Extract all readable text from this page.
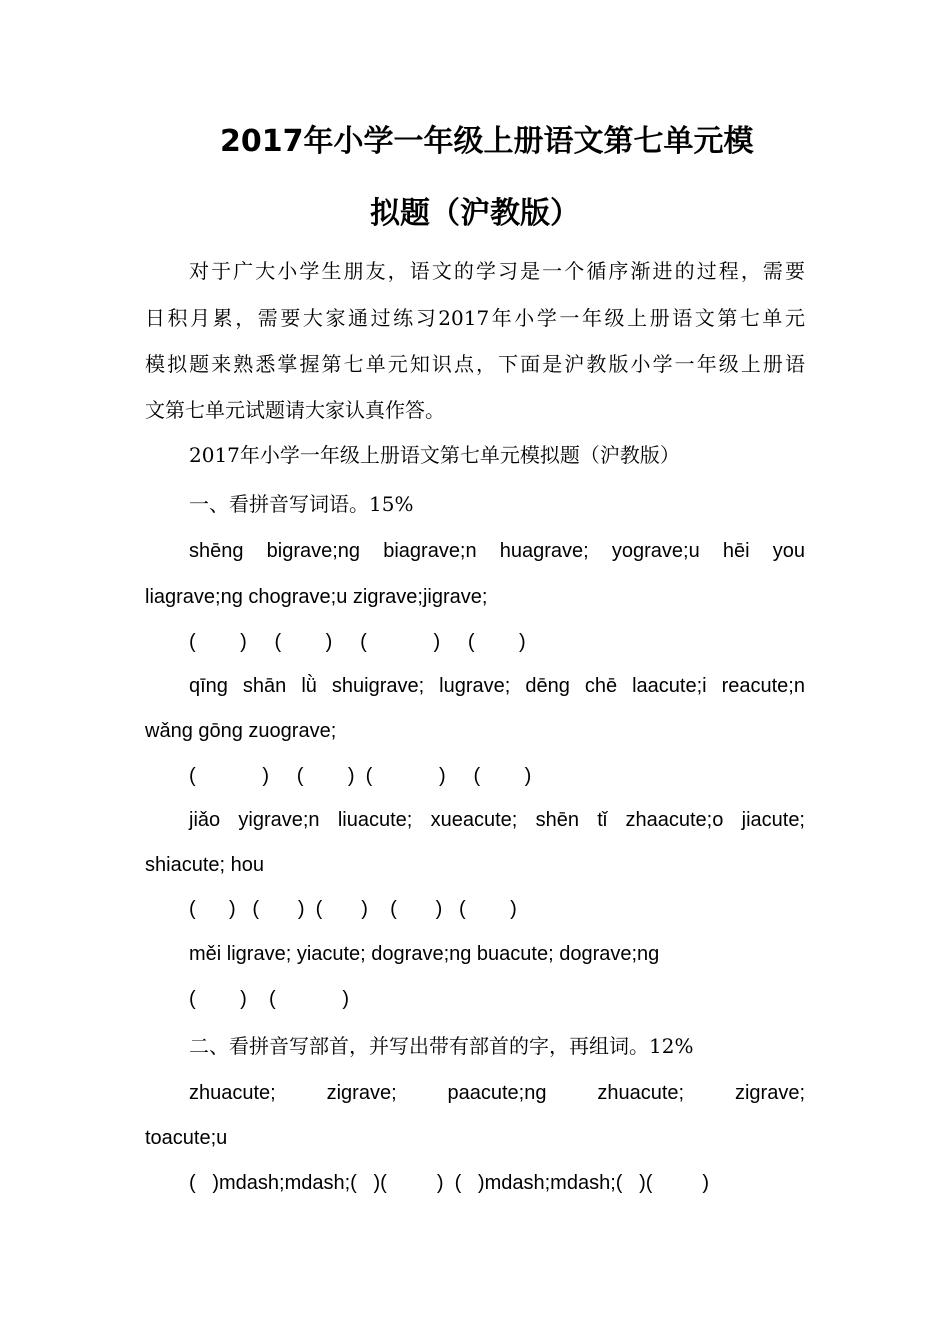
2017年小学一年级上册语文第七单元模
拟题（沪教版）

对于广大小学生朋友，语文的学习是一个循序渐进的过程，需要

日积月累，需要大家通过练习2017年小学一年级上册语文第七单元

模拟题来熟悉掌握第七单元知识点，下面是沪教版小学一年级上册语

文第七单元试题请大家认真作答。

2017年小学一年级上册语文第七单元模拟题（沪教版）

一、看拼音写词语。15%

shēng bigrave;ng biagrave;n huagrave; yograve;u hēi you

liagrave;ng chograve;u zigrave;jigrave;

(        )     (        )     (            )     (        )

qīng shān lǜ shuigrave; lugrave; dēng chē laacute;i reacute;n

wǎng gōng zuograve;

(            )     (        )  (            )     (        )

jiǎo yigrave;n liuacute; xueacute; shēn tǐ zhaacute;o jiacute;

shiacute; hou

(      )   (       )  (       )    (       )   (        )

měi ligrave; yiacute; dograve;ng buacute; dograve;ng

(        )    (            )

二、看拼音写部首，并写出带有部首的字，再组词。12%

zhuacute; zigrave; paacute;ng zhuacute; zigrave;

toacute;u

(   )mdash;mdash;(   )(         )  (   )mdash;mdash;(   )(         )
